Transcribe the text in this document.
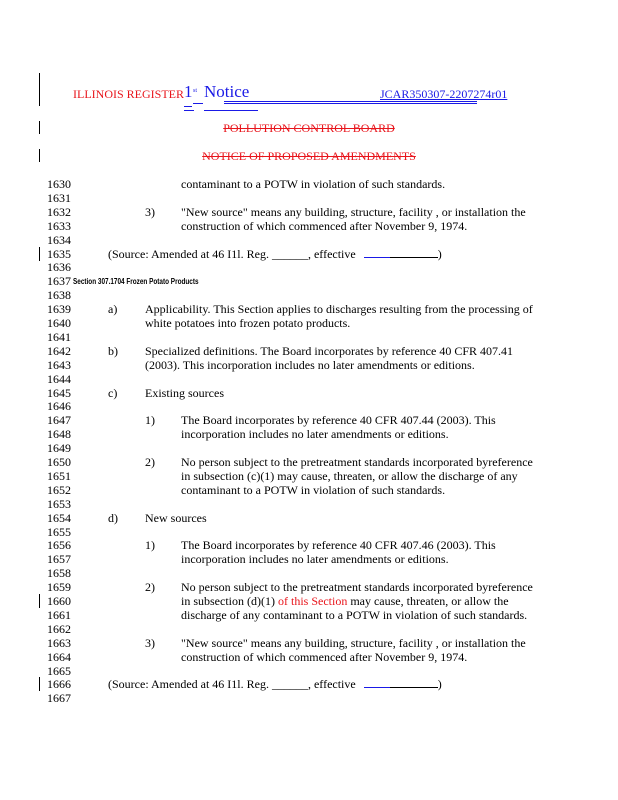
ILLINOIS REGISTER 1 st Notice	JCAR350307-2207274r01
POLLUTION CONTROL BOARD
NOTICE OF PROPOSED AMENDMENTS
1630	contaminant to a POTW in violation of such standards.
1631
1632	3) "New source" means any building, structure, facility , or installation the
1633	construction of which commenced after November 9, 1974.
1634
1635	(Source: Amended at 46 I1l. Reg. ______, effective	)
1636
1637 Section 307.1704 Frozen Potato Products
1638
1639	a) Applicability. This Section applies to discharges resulting from the processing of
1640	white potatoes into frozen potato products.
1641
1642	b) Specialized definitions. The Board incorporates by reference 40 CFR 407.41
1643	(2003). This incorporation includes no later amendments or editions.
1644
1645	c) Existing sources
1646
1647	1) The Board incorporates by reference 40 CFR 407.44 (2003). This
1648	incorporation includes no later amendments or editions.
1649
1650	2) No person subject to the pretreatment standards incorporated byreference
1651	in subsection (c)(1) may cause, threaten, or allow the discharge of any
1652	contaminant to a POTW in violation of such standards.
1653
1654	d) New sources
1655
1656	1) The Board incorporates by reference 40 CFR 407.46 (2003). This
1657	incorporation includes no later amendments or editions.
1658
1659	2) No person subject to the pretreatment standards incorporated byreference
1660	in subsection (d)(1) of this Section may cause, threaten, or allow the
1661	discharge of any contaminant to a POTW in violation of such standards.
1662
1663	3) "New source" means any building, structure, facility , or installation the
1664	construction of which commenced after November 9, 1974.
1665
1666	(Source: Amended at 46 I1l. Reg. ______, effective	)
1667
